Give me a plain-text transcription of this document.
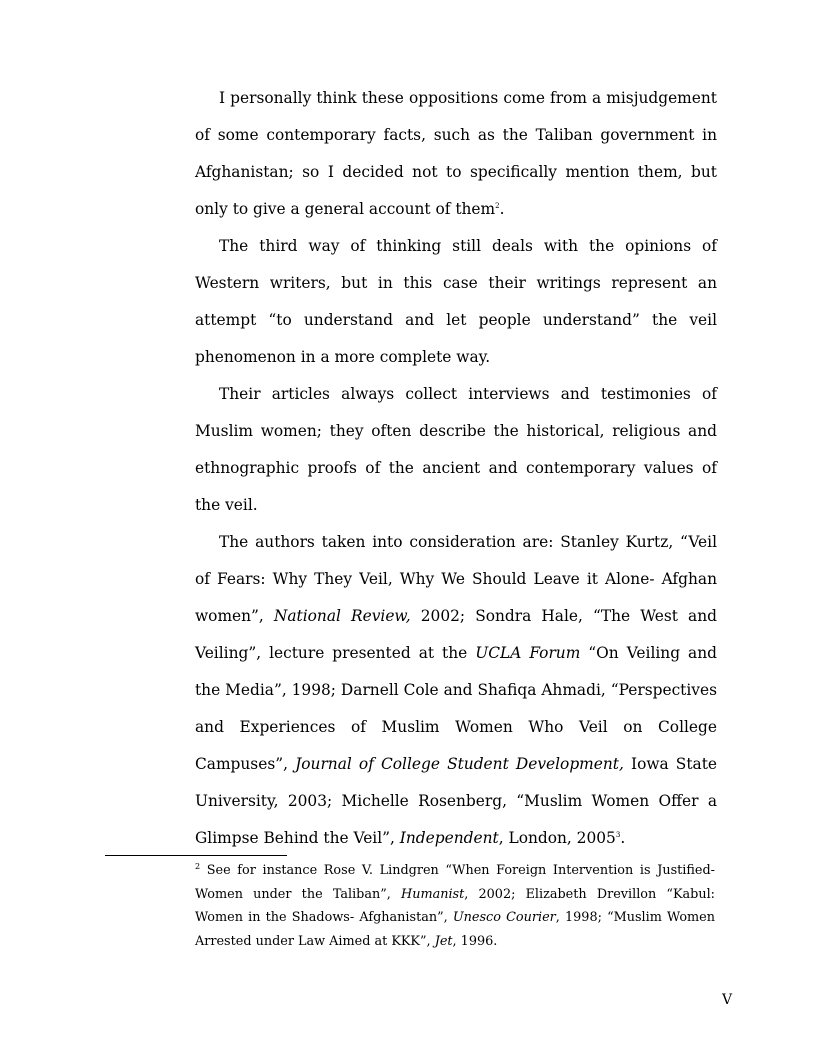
I personally think these oppositions come from a misjudgement of some contemporary facts, such as the Taliban government in Afghanistan; so I decided not to specifically mention them, but only to give a general account of them$^2$.

The third way of thinking still deals with the opinions of Western writers, but in this case their writings represent an attempt “to understand and let people understand” the veil phenomenon in a more complete way.

Their articles always collect interviews and testimonies of Muslim women; they often describe the historical, religious and ethnographic proofs of the ancient and contemporary values of the veil.

The authors taken into consideration are: Stanley Kurtz, “Veil of Fears: Why They Veil, Why We Should Leave it Alone- Afghan women”, National Review, 2002; Sondra Hale, “The West and Veiling”, lecture presented at the UCLA Forum “On Veiling and the Media”, 1998; Darnell Cole and Shafiqa Ahmadi, “Perspectives and Experiences of Muslim Women Who Veil on College Campuses”, Journal of College Student Development, Iowa State University, 2003; Michelle Rosenberg, “Muslim Women Offer a Glimpse Behind the Veil”, Independent, London, 2005$^3$.

$^2$ See for instance Rose V. Lindgren “When Foreign Intervention is Justified- Women under the Taliban”, Humanist, 2002; Elizabeth Drevillon “Kabul: Women in the Shadows- Afghanistan”, Unesco Courier, 1998; “Muslim Women Arrested under Law Aimed at KKK”, Jet, 1996.

V
